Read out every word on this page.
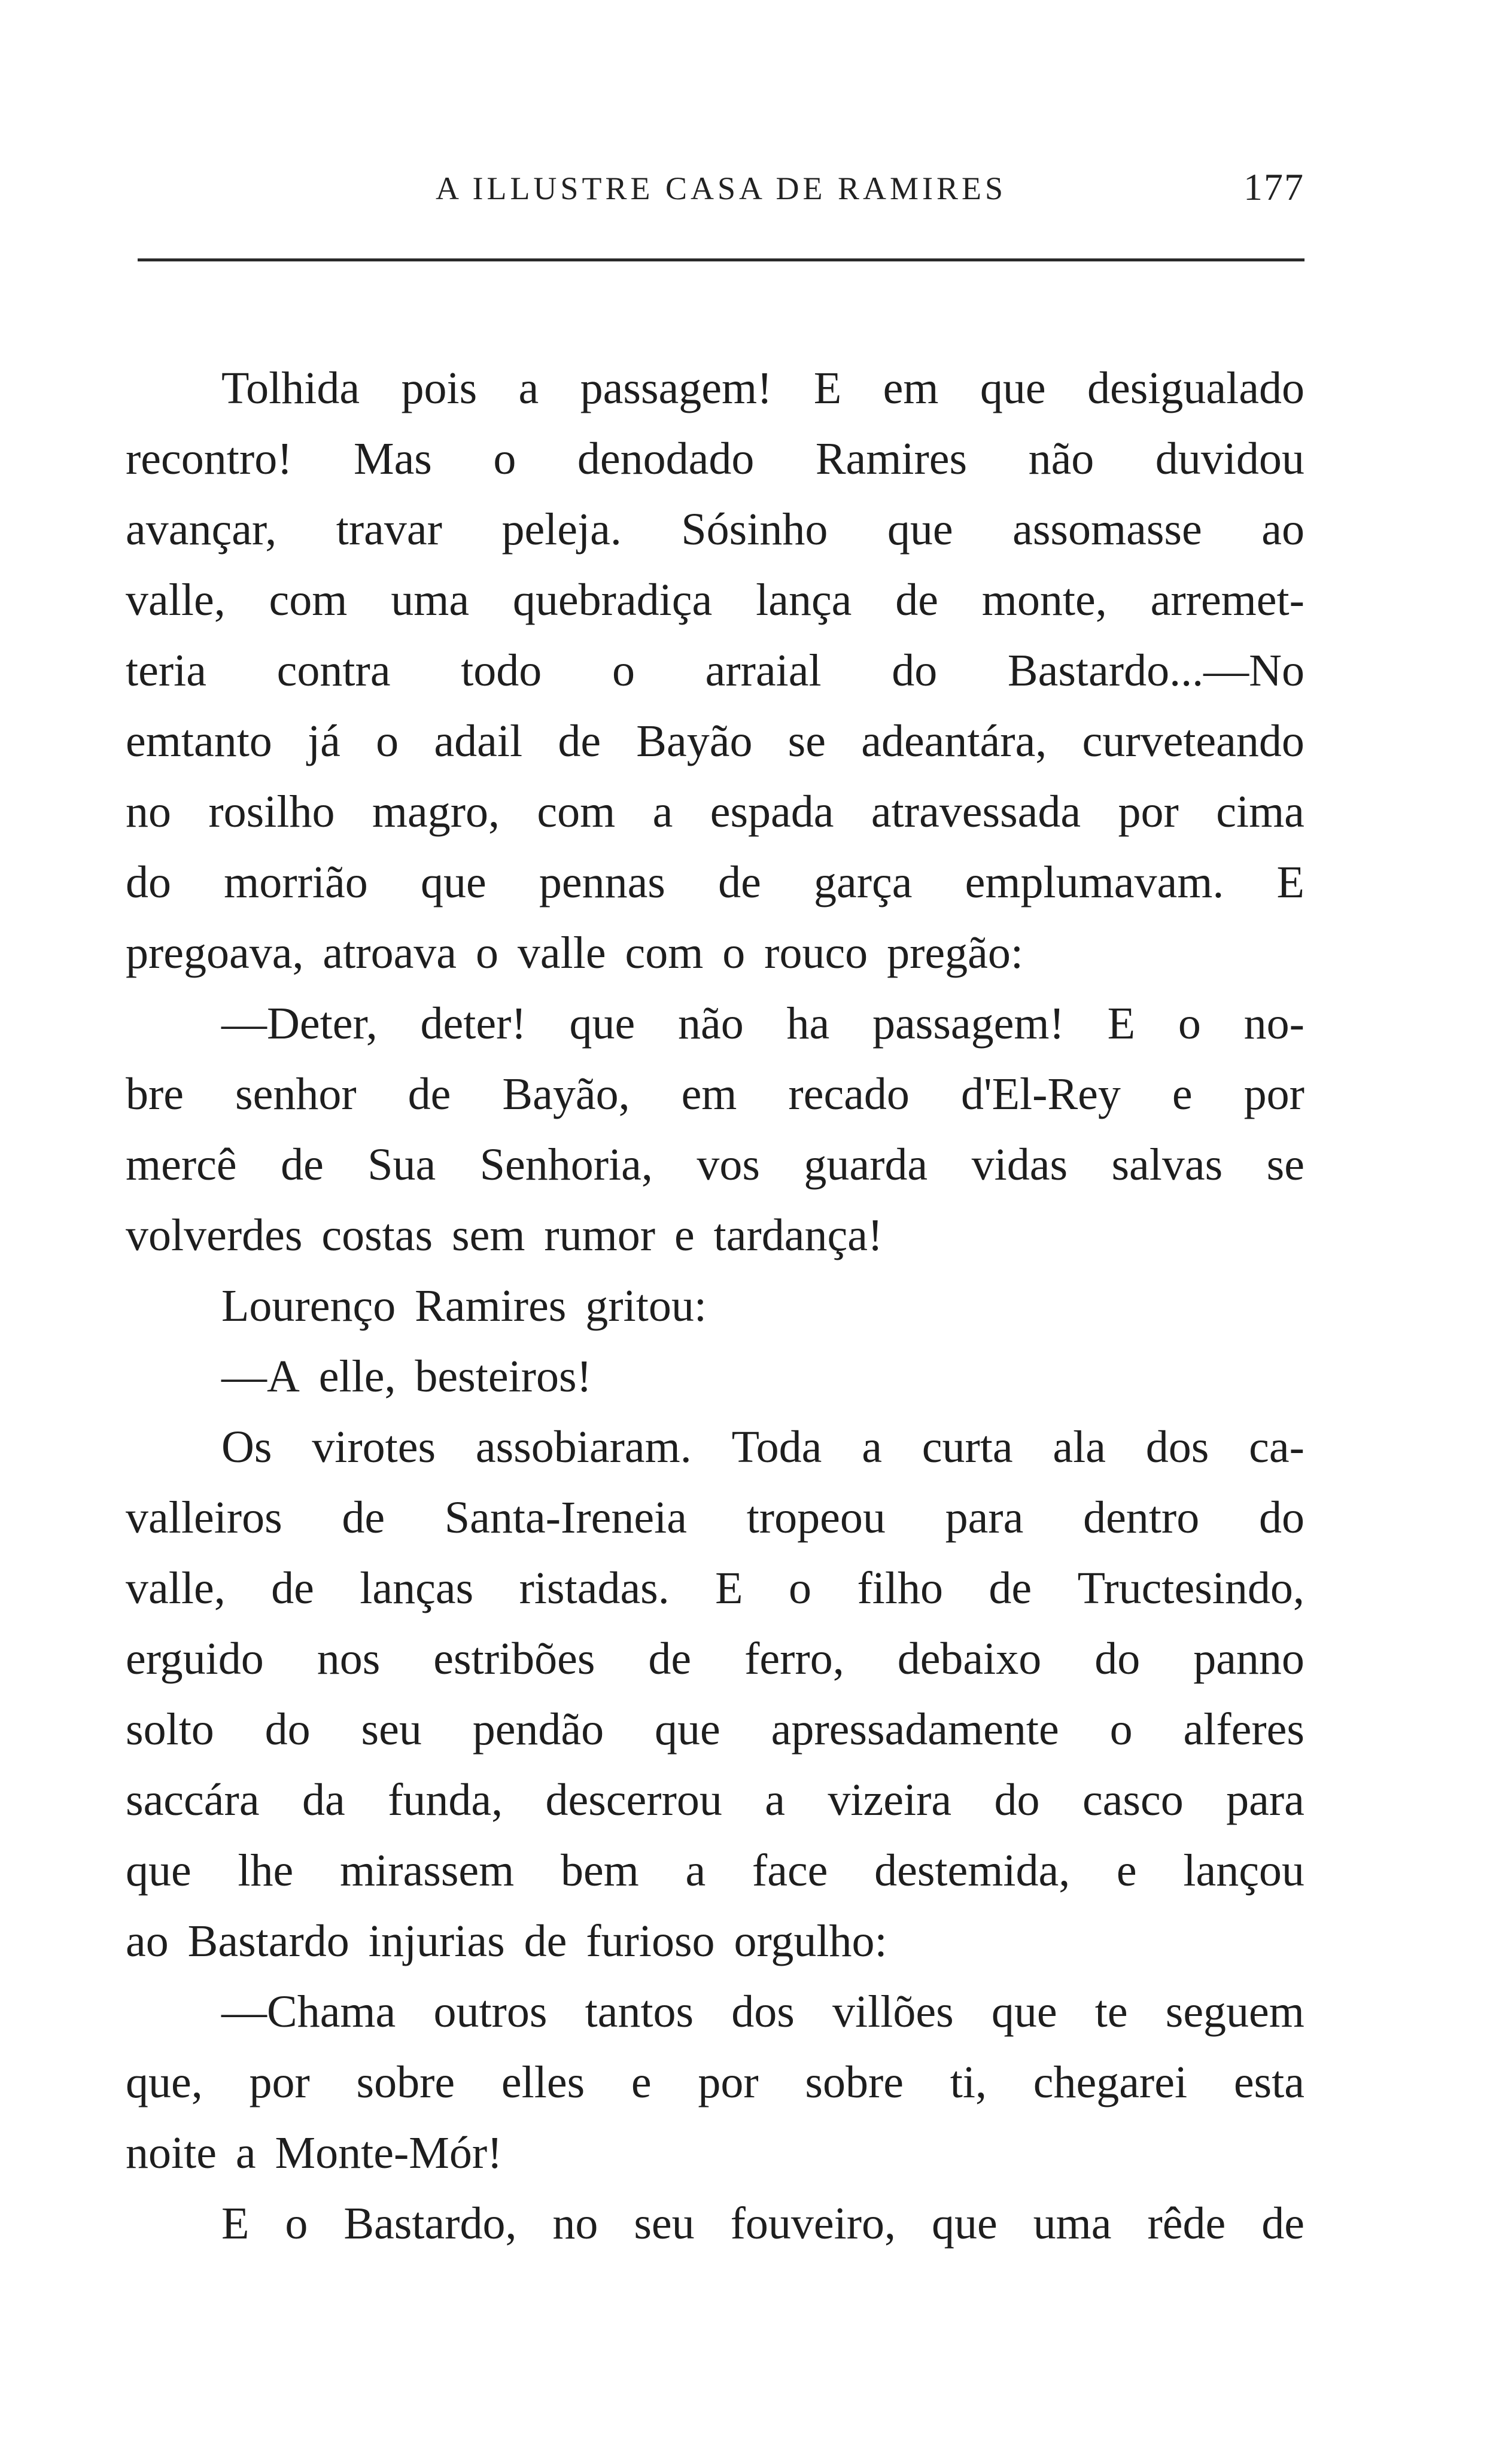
A ILLUSTRE CASA DE RAMIRES	177
Tolhida pois a passagem! E em que desigualado
recontro! Mas o denodado Ramires não duvidou
avançar, travar peleja. Sósinho que assomasse ao
valle, com uma quebradiça lança de monte, arremet-
teria contra todo o arraial do Bastardo...—No
emtanto já o adail de Bayão se adeantára, curveteando
no rosilho magro, com a espada atravessada por cima
do morrião que pennas de garça emplumavam. E
pregoava, atroava o valle com o rouco pregão:
—Deter, deter! que não ha passagem! E o no-
bre senhor de Bayão, em recado d'El-Rey e por
mercê de Sua Senhoria, vos guarda vidas salvas se
volverdes costas sem rumor e tardança!
Lourenço Ramires gritou:
—A elle, besteiros!
Os virotes assobiaram. Toda a curta ala dos ca-
valleiros de Santa-Ireneia tropeou para dentro do
valle, de lanças ristadas. E o filho de Tructesindo,
erguido nos estribões de ferro, debaixo do panno
solto do seu pendão que apressadamente o alferes
saccára da funda, descerrou a vizeira do casco para
que lhe mirassem bem a face destemida, e lançou
ao Bastardo injurias de furioso orgulho:
—Chama outros tantos dos villões que te seguem
que, por sobre elles e por sobre ti, chegarei esta
noite a Monte-Mór!
E o Bastardo, no seu fouveiro, que uma rêde de
